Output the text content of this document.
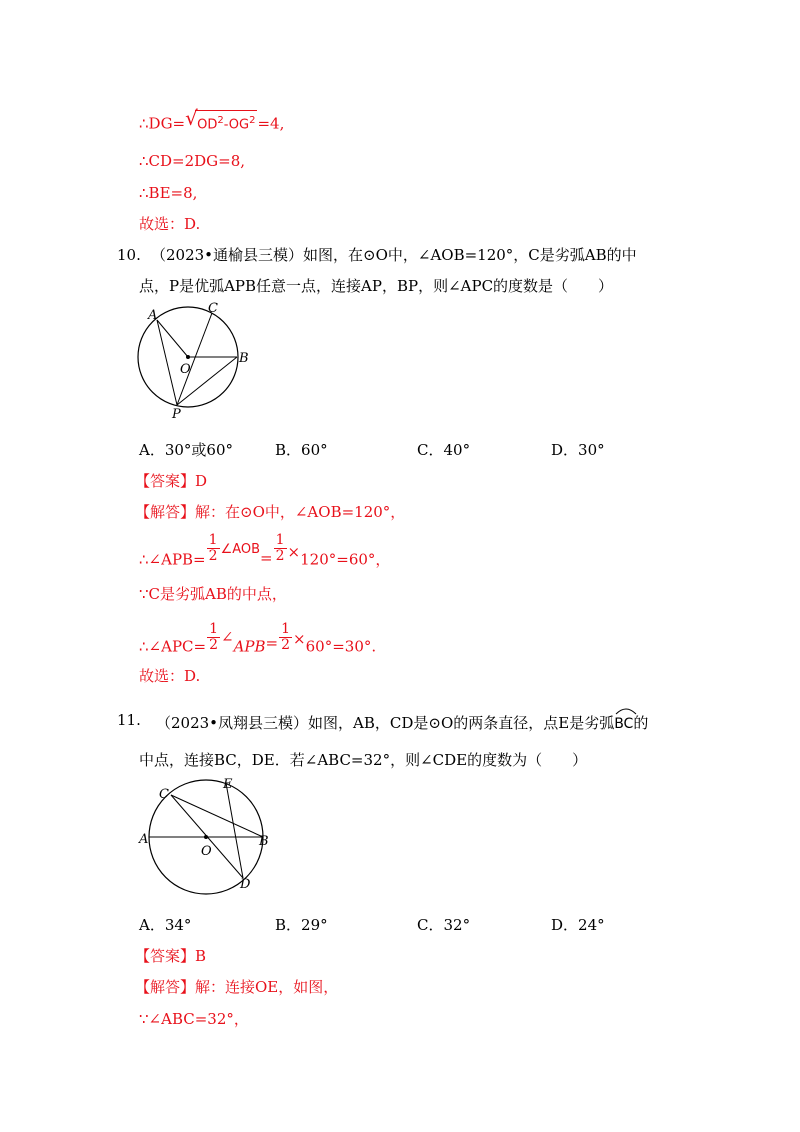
∴DG= √ $OD^2-OG^2 =4$,
∴CD=2DG=8,
∴BE=8,
故选：D.
10. （2023•通榆县三模）如图，在⊙O中，∠AOB=120°，C是劣弧AB的中
点，P是优弧APB任意一点，连接AP，BP，则∠APC的度数是（　　）
A	C
O
B
P
A．30°或60°	B．60°	C．40°	D．30°
【答案】D
【解答】解：在⊙O中，∠AOB=120°，
∴∠APB= $\frac{1}{2}$ ∠AOB= $\frac{1}{2} \times 120^\circ=60^\circ$，
∵C是劣弧AB的中点，
∴∠APC= $\frac{1}{2}$ ∠APB= $\frac{1}{2} \times 60^\circ=30^\circ$.
故选：D.
11. （2023•凤翔县三模）如图，AB，CD是⊙O的两条直径，点E是劣弧
BC的
中点，连接BC，DE．若∠ABC=32°，则∠CDE的度数为（　　）
C
E
A
O
B
D
A．34°	B．29°	C．32°	D．24°
【答案】B
【解答】解：连接OE，如图，
∵∠ABC=32°，
